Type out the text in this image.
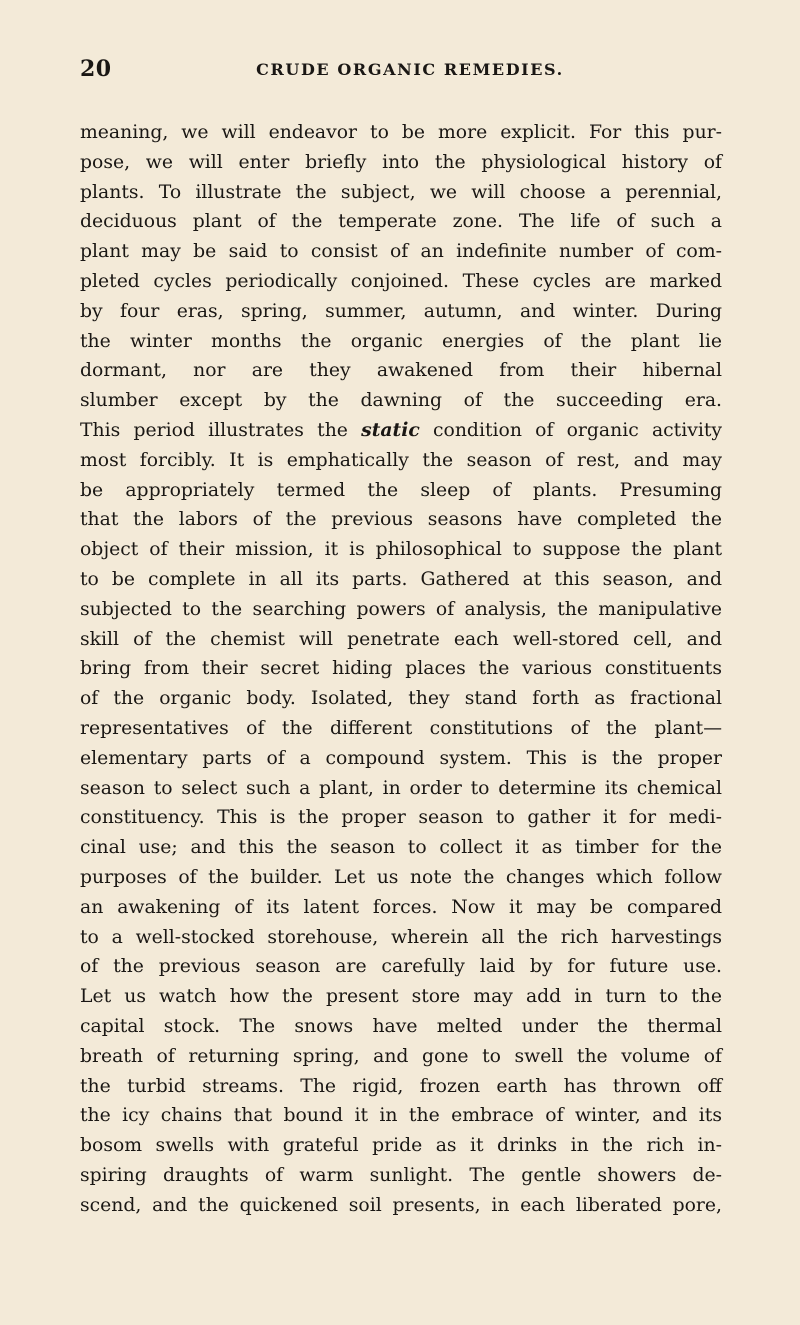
20	CRUDE ORGANIC REMEDIES.
meaning, we will endeavor to be more explicit. For this pur-
pose, we will enter briefly into the physiological history of
plants. To illustrate the subject, we will choose a perennial,
deciduous plant of the temperate zone. The life of such a
plant may be said to consist of an indefinite number of com-
pleted cycles periodically conjoined. These cycles are marked
by four eras, spring, summer, autumn, and winter. During
the winter months the organic energies of the plant lie
dormant, nor are they awakened from their hibernal
slumber except by the dawning of the succeeding era.
This period illustrates the static condition of organic activity
most forcibly. It is emphatically the season of rest, and may
be appropriately termed the sleep of plants. Presuming
that the labors of the previous seasons have completed the
object of their mission, it is philosophical to suppose the plant
to be complete in all its parts. Gathered at this season, and
subjected to the searching powers of analysis, the manipulative
skill of the chemist will penetrate each well-stored cell, and
bring from their secret hiding places the various constituents
of the organic body. Isolated, they stand forth as fractional
representatives of the different constitutions of the plant—
elementary parts of a compound system. This is the proper
season to select such a plant, in order to determine its chemical
constituency. This is the proper season to gather it for medi-
cinal use; and this the season to collect it as timber for the
purposes of the builder. Let us note the changes which follow
an awakening of its latent forces. Now it may be compared
to a well-stocked storehouse, wherein all the rich harvestings
of the previous season are carefully laid by for future use.
Let us watch how the present store may add in turn to the
capital stock. The snows have melted under the thermal
breath of returning spring, and gone to swell the volume of
the turbid streams. The rigid, frozen earth has thrown off
the icy chains that bound it in the embrace of winter, and its
bosom swells with grateful pride as it drinks in the rich in-
spiring draughts of warm sunlight. The gentle showers de-
scend, and the quickened soil presents, in each liberated pore,
